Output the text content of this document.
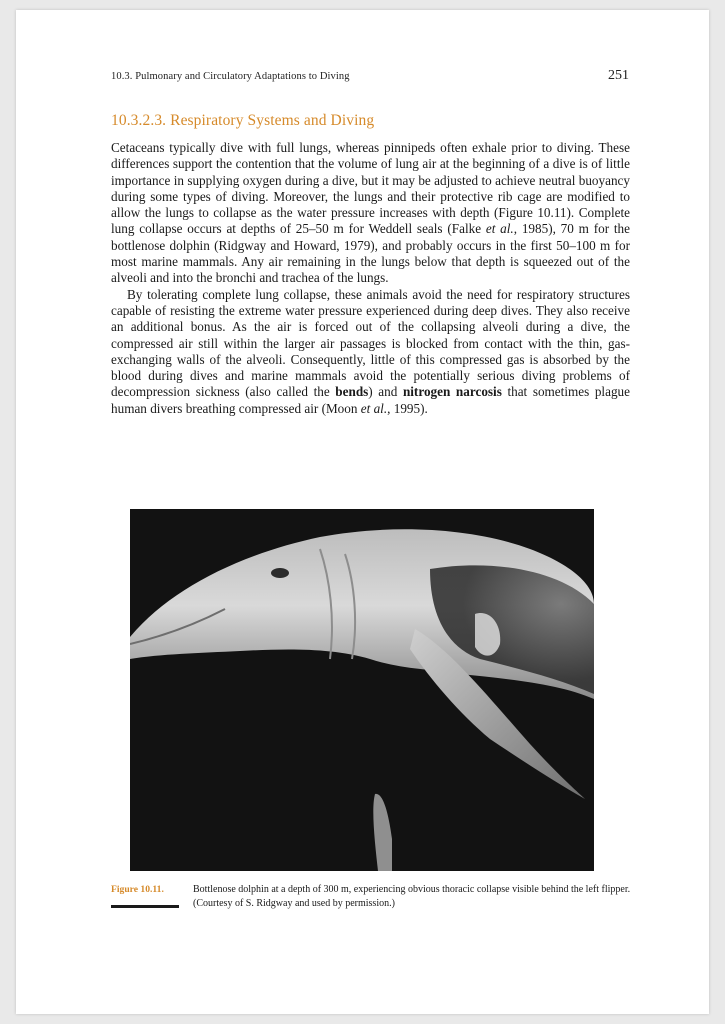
10.3. Pulmonary and Circulatory Adaptations to Diving	251
10.3.2.3. Respiratory Systems and Diving

Cetaceans typically dive with full lungs, whereas pinnipeds often exhale prior to diving. These differences support the contention that the volume of lung air at the beginning of a dive is of little importance in supplying oxygen during a dive, but it may be adjusted to achieve neutral buoyancy during some types of diving. Moreover, the lungs and their protective rib cage are modified to allow the lungs to collapse as the water pressure increases with depth (Figure 10.11). Complete lung collapse occurs at depths of 25–50 m for Weddell seals (Falke et al., 1985), 70 m for the bottlenose dolphin (Ridgway and Howard, 1979), and probably occurs in the first 50–100 m for most marine mammals. Any air remaining in the lungs below that depth is squeezed out of the alveoli and into the bronchi and trachea of the lungs.

By tolerating complete lung collapse, these animals avoid the need for respiratory structures capable of resisting the extreme water pressure experienced during deep dives. They also receive an additional bonus. As the air is forced out of the collapsing alveoli during a dive, the compressed air still within the larger air passages is blocked from contact with the thin, gas-exchanging walls of the alveoli. Consequently, little of this compressed gas is absorbed by the blood during dives and marine mammals avoid the potentially serious diving problems of decompression sickness (also called the bends) and nitrogen narcosis that sometimes plague human divers breathing compressed air (Moon et al., 1995).

Figure 10.11.	Bottlenose dolphin at a depth of 300 m, experiencing obvious thoracic collapse visible behind the left flipper. (Courtesy of S. Ridgway and used by permission.)
